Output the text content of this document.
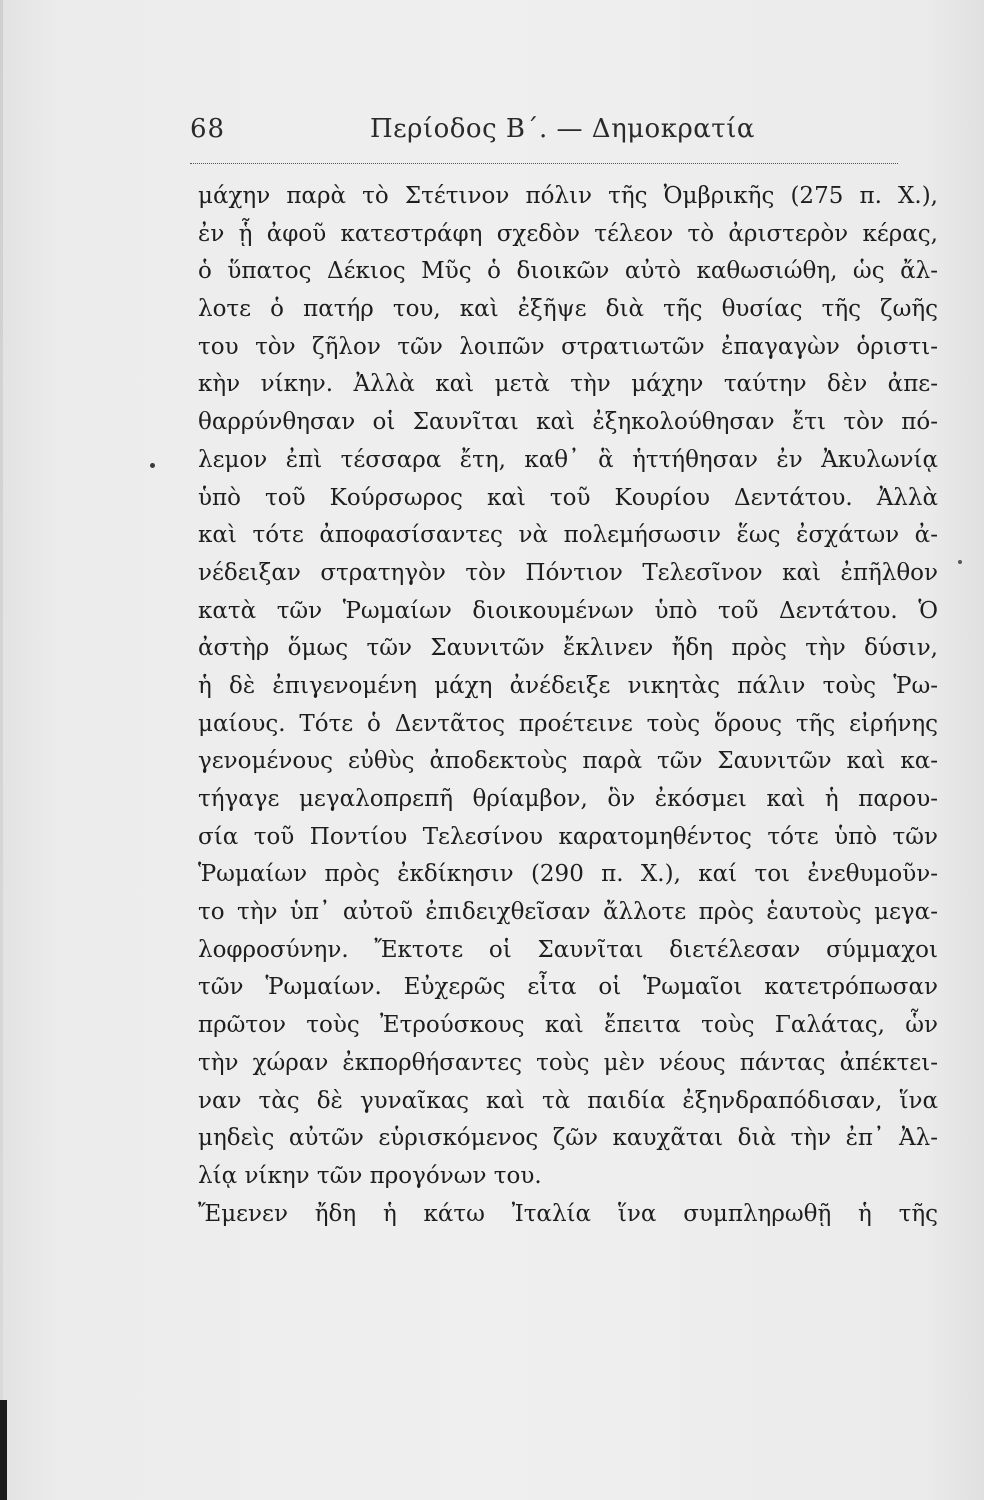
68	Περίοδος Β΄. — Δημοκρατία
μάχην παρὰ τὸ Στέτινον πόλιν τῆς Ὀμβρικῆς (275 π. Χ.),
ἐν ᾗ ἀφοῦ κατεστράφη σχεδὸν τέλεον τὸ ἀριστερὸν κέρας,
ὁ ὕπατος Δέκιος Μῦς ὁ διοικῶν αὐτὸ καθωσιώθη, ὡς ἄλ-
λοτε ὁ πατήρ του, καὶ ἐξῆψε διὰ τῆς θυσίας τῆς ζωῆς
του τὸν ζῆλον τῶν λοιπῶν στρατιωτῶν ἐπαγαγὼν ὁριστι-
κὴν νίκην. Ἀλλὰ καὶ μετὰ τὴν μάχην ταύτην δὲν ἀπε-
θαρρύνθησαν οἱ Σαυνῖται καὶ ἐξηκολούθησαν ἔτι τὸν πό-
λεμον ἐπὶ τέσσαρα ἔτη, καθ᾽ ἃ ἡττήθησαν ἐν Ἀκυλωνίᾳ
ὑπὸ τοῦ Κούρσωρος καὶ τοῦ Κουρίου Δεντάτου. Ἀλλὰ
καὶ τότε ἀποφασίσαντες νὰ πολεμήσωσιν ἕως ἐσχάτων ἀ-
νέδειξαν στρατηγὸν τὸν Πόντιον Τελεσῖνον καὶ ἐπῆλθον
κατὰ τῶν Ῥωμαίων διοικουμένων ὑπὸ τοῦ Δεντάτου. Ὁ
ἀστὴρ ὅμως τῶν Σαυνιτῶν ἔκλινεν ἤδη πρὸς τὴν δύσιν,
ἡ δὲ ἐπιγενομένη μάχη ἀνέδειξε νικητὰς πάλιν τοὺς Ῥω-
μαίους. Τότε ὁ Δεντᾶτος προέτεινε τοὺς ὅρους τῆς εἰρήνης
γενομένους εὐθὺς ἀποδεκτοὺς παρὰ τῶν Σαυνιτῶν καὶ κα-
τήγαγε μεγαλοπρεπῆ θρίαμβον, ὃν ἐκόσμει καὶ ἡ παρου-
σία τοῦ Ποντίου Τελεσίνου καρατομηθέντος τότε ὑπὸ τῶν
Ῥωμαίων πρὸς ἐκδίκησιν (290 π. Χ.), καί τοι ἐνεθυμοῦν-
το τὴν ὑπ᾽ αὐτοῦ ἐπιδειχθεῖσαν ἄλλοτε πρὸς ἑαυτοὺς μεγα-
λοφροσύνην. Ἔκτοτε οἱ Σαυνῖται διετέλεσαν σύμμαχοι
τῶν Ῥωμαίων. Εὐχερῶς εἶτα οἱ Ῥωμαῖοι κατετρόπωσαν
πρῶτον τοὺς Ἐτρούσκους καὶ ἔπειτα τοὺς Γαλάτας, ὧν
τὴν χώραν ἐκπορθήσαντες τοὺς μὲν νέους πάντας ἀπέκτει-
ναν τὰς δὲ γυναῖκας καὶ τὰ παιδία ἐξηνδραπόδισαν, ἵνα
μηδεὶς αὐτῶν εὑρισκόμενος ζῶν καυχᾶται διὰ τὴν ἐπ᾽ Ἀλ-
λίᾳ νίκην τῶν προγόνων του.
Ἔμενεν ἤδη ἡ κάτω Ἰταλία ἵνα συμπληρωθῇ ἡ τῆς
